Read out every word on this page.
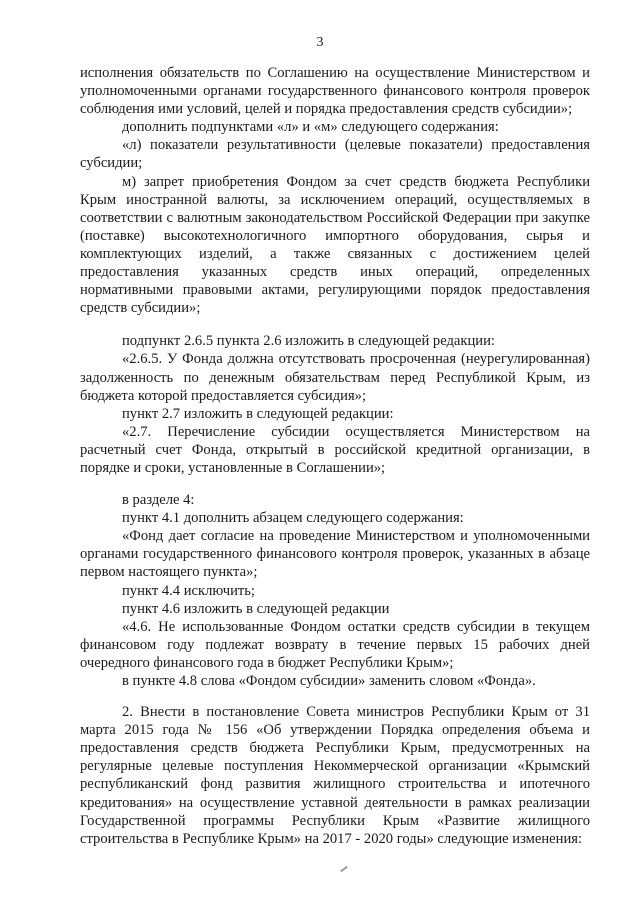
3

исполнения обязательств по Соглашению на осуществление Министерством и уполномоченными органами государственного финансового контроля проверок соблюдения ими условий, целей и порядка предоставления средств субсидии»;

дополнить подпунктами «л» и «м» следующего содержания:

«л) показатели результативности (целевые показатели) предоставления субсидии;

м) запрет приобретения Фондом за счет средств бюджета Республики Крым иностранной валюты, за исключением операций, осуществляемых в соответствии с валютным законодательством Российской Федерации при закупке (поставке) высокотехнологичного импортного оборудования, сырья и комплектующих изделий, а также связанных с достижением целей предоставления указанных средств иных операций, определенных нормативными правовыми актами, регулирующими порядок предоставления средств субсидии»;

подпункт 2.6.5 пункта 2.6 изложить в следующей редакции:

«2.6.5. У Фонда должна отсутствовать просроченная (неурегулированная) задолженность по денежным обязательствам перед Республикой Крым, из бюджета которой предоставляется субсидия»;

пункт 2.7 изложить в следующей редакции:

«2.7. Перечисление субсидии осуществляется Министерством на расчетный счет Фонда, открытый в российской кредитной организации, в порядке и сроки, установленные в Соглашении»;

в разделе 4:

пункт 4.1 дополнить абзацем следующего содержания:

«Фонд дает согласие на проведение Министерством и уполномоченными органами государственного финансового контроля проверок, указанных в абзаце первом настоящего пункта»;

пункт 4.4 исключить;

пункт 4.6 изложить в следующей редакции

«4.6. Не использованные Фондом остатки средств субсидии в текущем финансовом году подлежат возврату в течение первых 15 рабочих дней очередного финансового года в бюджет Республики Крым»;

в пункте 4.8 слова «Фондом субсидии» заменить словом «Фонда».

2. Внести в постановление Совета министров Республики Крым от 31 марта 2015 года № 156 «Об утверждении Порядка определения объема и предоставления средств бюджета Республики Крым, предусмотренных на регулярные целевые поступления Некоммерческой организации «Крымский республиканский фонд развития жилищного строительства и ипотечного кредитования» на осуществление уставной деятельности в рамках реализации Государственной программы Республики Крым «Развитие жилищного строительства в Республике Крым» на 2017 - 2020 годы» следующие изменения:
